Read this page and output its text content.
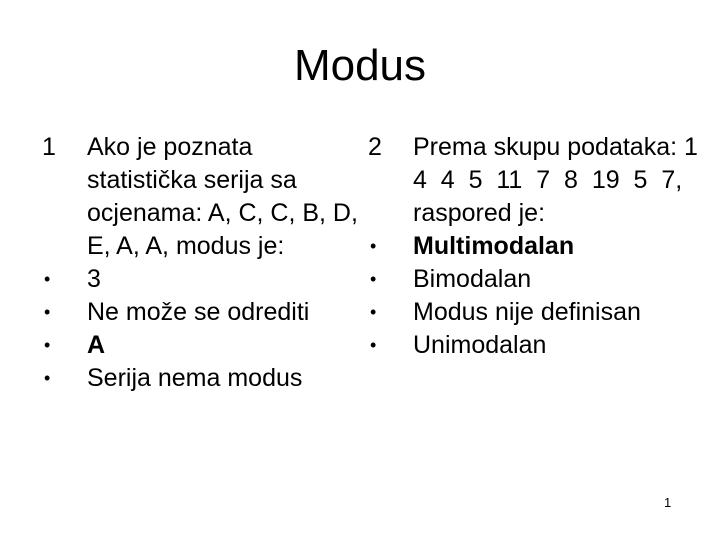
Modus
1	Ako je poznata statistička serija sa ocjenama: A, C, C, B, D, E, A, A, modus je:
•	3
•	Ne može se odrediti
•	A
•	Serija nema modus
2	Prema skupu podataka: 1  4  4  5  11  7  8  19  5  7, raspored je:
•	Multimodalan
•	Bimodalan
•	Modus nije definisan
•	Unimodalan
1
